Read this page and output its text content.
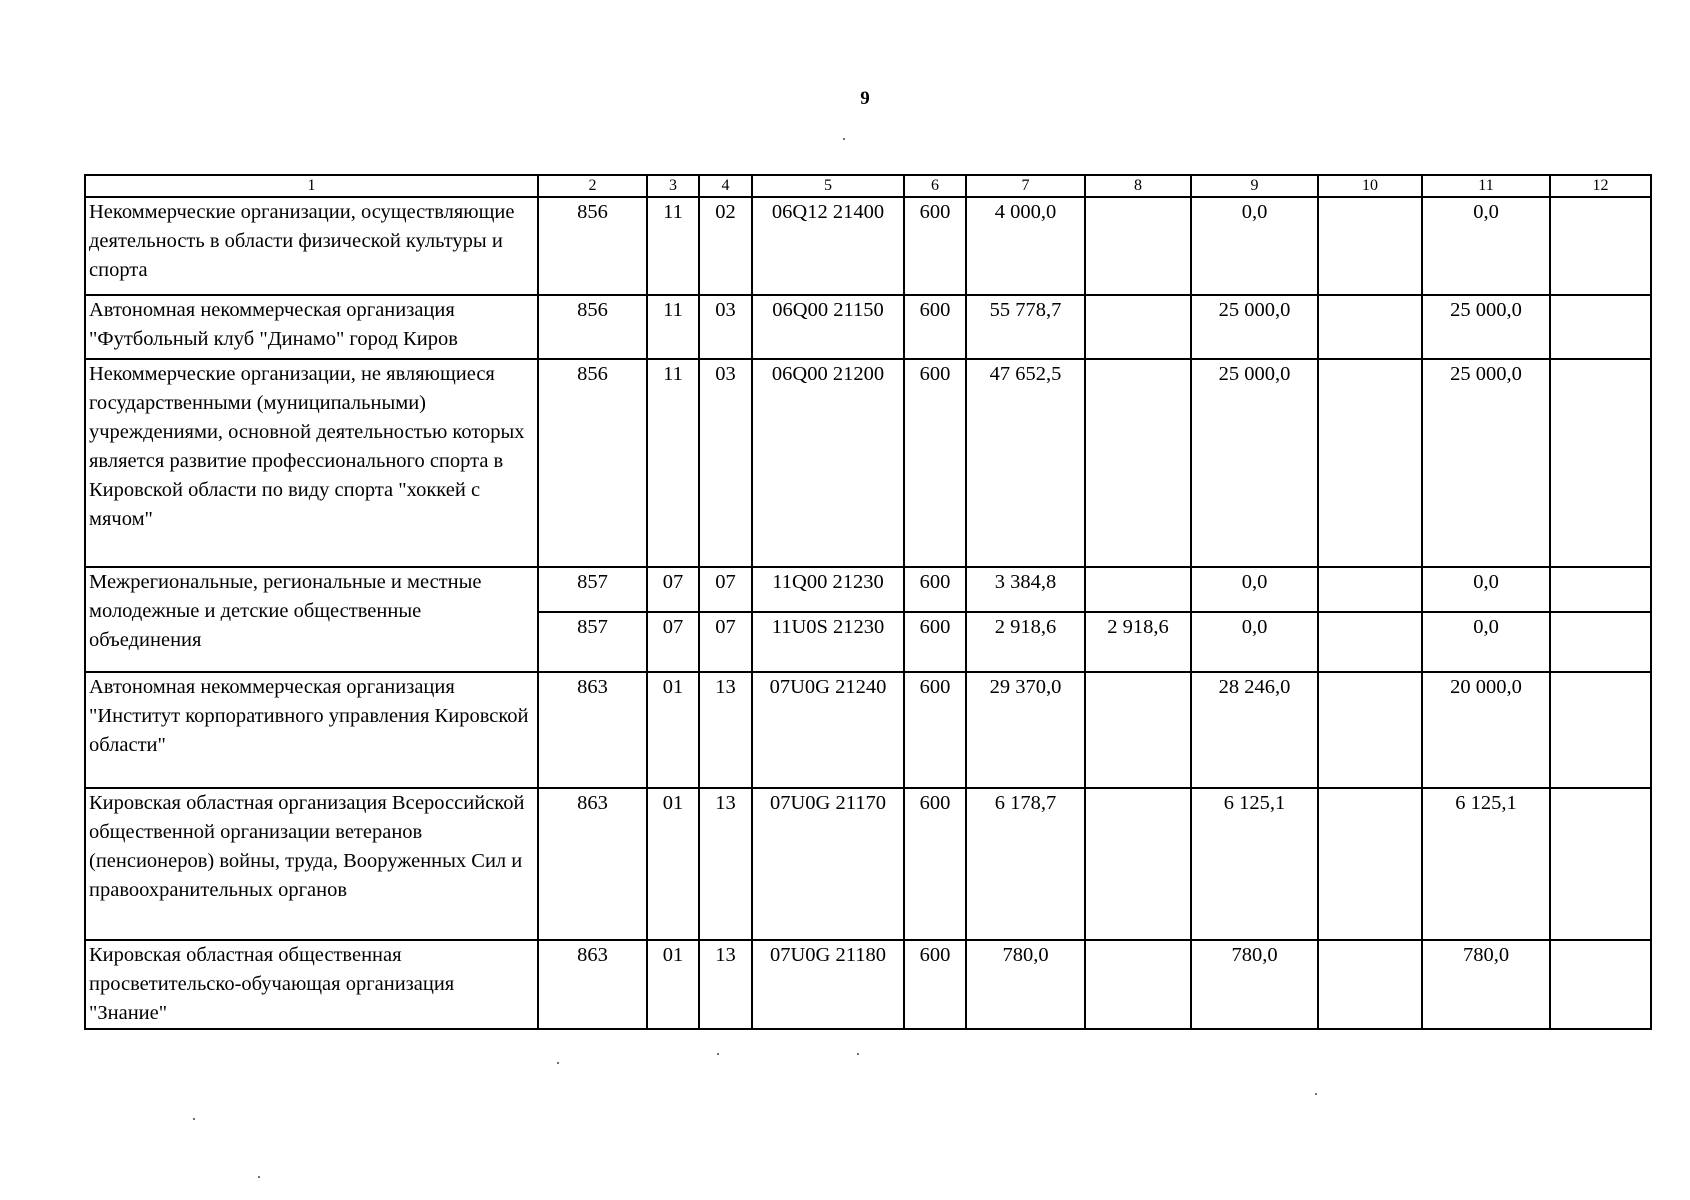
9
1	2	3	4	5	6	7	8	9	10	11	12
Некоммерческие организации, осуществляющие деятельность в области физической культуры и спорта	856	11	02	06Q12 21400	600	4 000,0		0,0		0,0	
Автономная некоммерческая организация "Футбольный клуб "Динамо" город Киров	856	11	03	06Q00 21150	600	55 778,7		25 000,0		25 000,0	
Некоммерческие организации, не являющиеся государственными (муниципальными) учреждениями, основной деятельностью которых является развитие профессионального спорта в Кировской области по виду спорта "хоккей с мячом"	856	11	03	06Q00 21200	600	47 652,5		25 000,0		25 000,0	
Межрегиональные, региональные и местные молодежные и детские общественные объединения	857	07	07	11Q00 21230	600	3 384,8		0,0		0,0	
	857	07	07	11U0S 21230	600	2 918,6	2 918,6	0,0		0,0	
Автономная некоммерческая организация "Институт корпоративного управления Кировской области"	863	01	13	07U0G 21240	600	29 370,0		28 246,0		20 000,0	
Кировская областная организация Всероссийской общественной организации ветеранов (пенсионеров) войны, труда, Вооруженных Сил и правоохранительных органов	863	01	13	07U0G 21170	600	6 178,7		6 125,1		6 125,1	
Кировская областная общественная просветительско-обучающая организация "Знание"	863	01	13	07U0G 21180	600	780,0		780,0		780,0	
